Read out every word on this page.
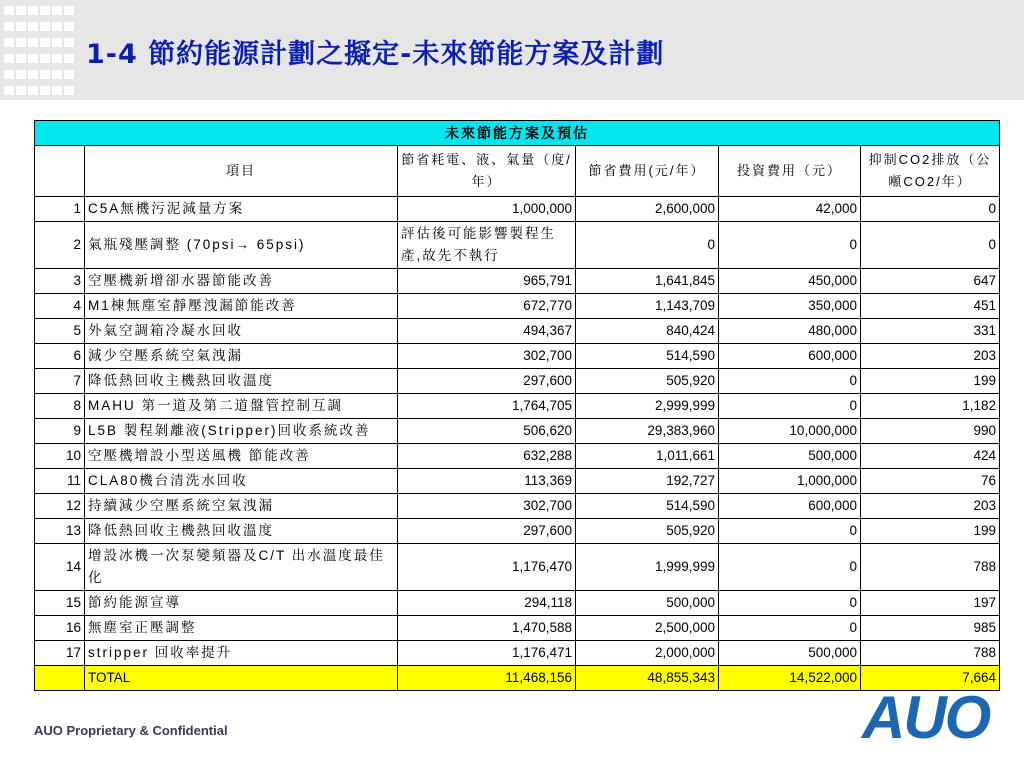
1-4 節約能源計劃之擬定-未來節能方案及計劃
未來節能方案及預估					
	項目	節省耗電、液、氣量（度/年）	節省費用(元/年）	投資費用（元）	抑制CO2排放（公噸CO2/年）
1	C5A無機污泥減量方案	1,000,000	2,600,000	42,000	0
2	氣瓶殘壓調整 (70psi→ 65psi)	評估後可能影響製程生產,故先不執行	0	0	0
3	空壓機新增卻水器節能改善	965,791	1,641,845	450,000	647
4	M1棟無塵室靜壓洩漏節能改善	672,770	1,143,709	350,000	451
5	外氣空調箱冷凝水回收	494,367	840,424	480,000	331
6	減少空壓系統空氣洩漏	302,700	514,590	600,000	203
7	降低熱回收主機熱回收溫度	297,600	505,920	0	199
8	MAHU 第一道及第二道盤管控制互調	1,764,705	2,999,999	0	1,182
9	L5B 製程剝離液(Stripper)回收系統改善	506,620	29,383,960	10,000,000	990
10	空壓機增設小型送風機 節能改善	632,288	1,011,661	500,000	424
11	CLA80機台清洗水回收	113,369	192,727	1,000,000	76
12	持續減少空壓系統空氣洩漏	302,700	514,590	600,000	203
13	降低熱回收主機熱回收溫度	297,600	505,920	0	199
14	增設冰機一次泵變頻器及C/T 出水溫度最佳化	1,176,470	1,999,999	0	788
15	節約能源宣導	294,118	500,000	0	197
16	無塵室正壓調整	1,470,588	2,500,000	0	985
17	stripper 回收率提升	1,176,471	2,000,000	500,000	788
	TOTAL	11,468,156	48,855,343	14,522,000	7,664
AUO Proprietary & Confidential	AUO
